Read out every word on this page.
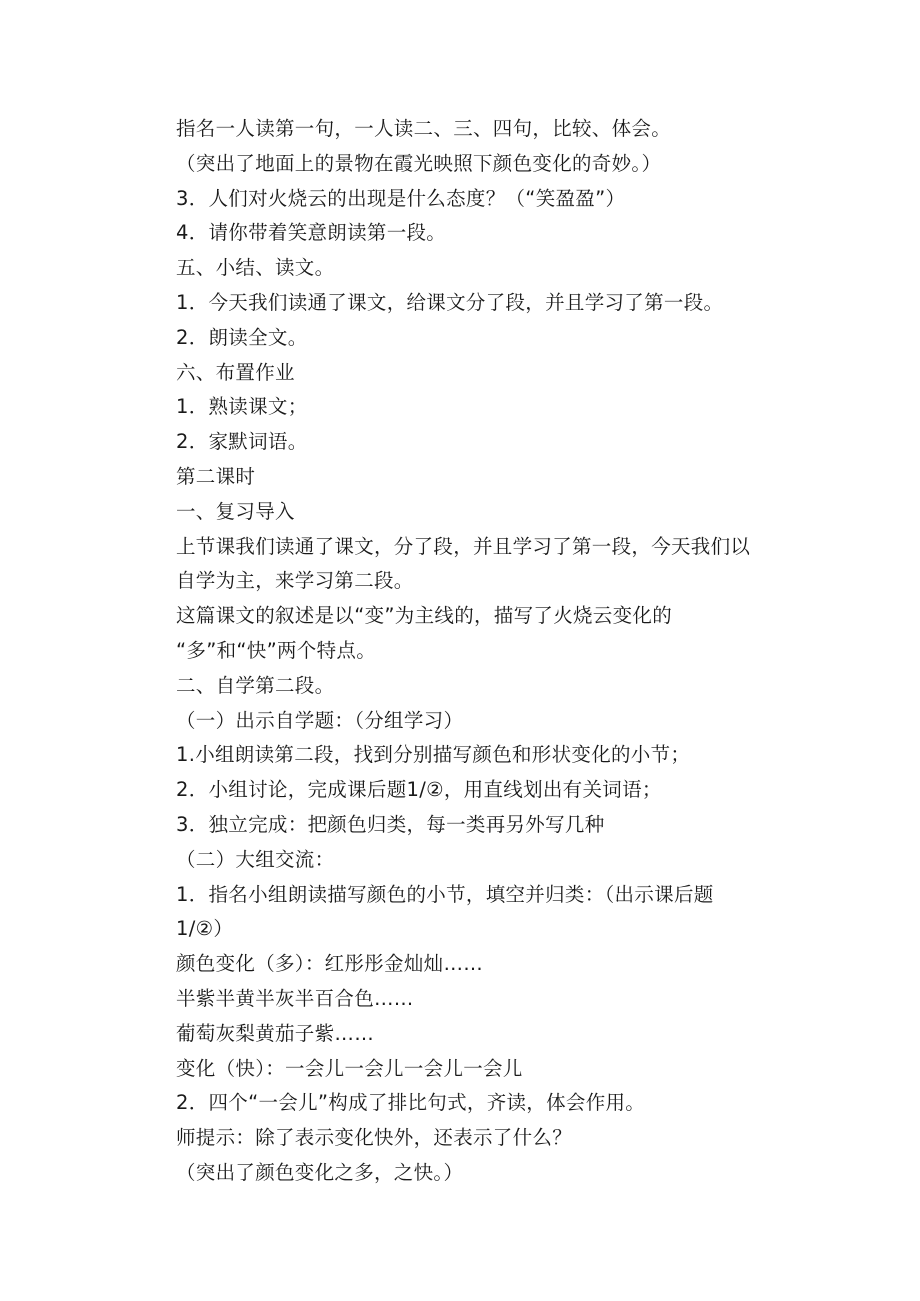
指名一人读第一句，一人读二、三、四句，比较、体会。
（突出了地面上的景物在霞光映照下颜色变化的奇妙。）
3．人们对火烧云的出现是什么态度？（“笑盈盈”）
4．请你带着笑意朗读第一段。
五、小结、读文。
1．今天我们读通了课文，给课文分了段，并且学习了第一段。
2．朗读全文。
六、布置作业
1．熟读课文；
2．家默词语。
第二课时
一、复习导入
上节课我们读通了课文，分了段，并且学习了第一段，今天我们以
自学为主，来学习第二段。
这篇课文的叙述是以“变”为主线的，描写了火烧云变化的
“多”和“快”两个特点。
二、自学第二段。
（一）出示自学题：（分组学习）
1.小组朗读第二段，找到分别描写颜色和形状变化的小节；
2．小组讨论，完成课后题1/②，用直线划出有关词语；
3．独立完成：把颜色归类，每一类再另外写几种
（二）大组交流：
1．指名小组朗读描写颜色的小节，填空并归类：（出示课后题
1/②）
颜色变化（多）：红彤彤金灿灿……
半紫半黄半灰半百合色……
葡萄灰梨黄茄子紫……
变化（快）：一会儿一会儿一会儿一会儿
2．四个“一会儿”构成了排比句式，齐读，体会作用。
师提示：除了表示变化快外，还表示了什么？
（突出了颜色变化之多，之快。）
